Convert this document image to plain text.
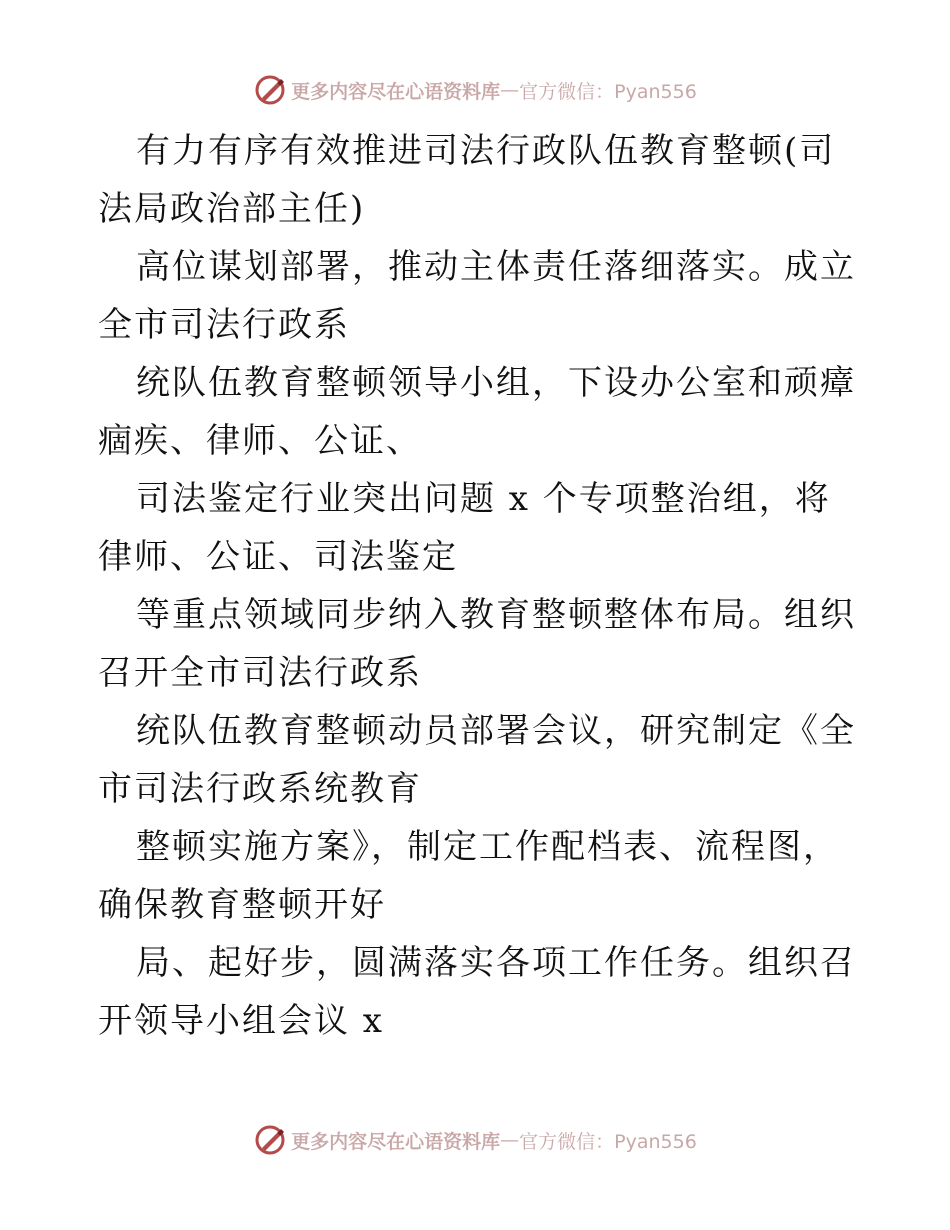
更多内容尽在心语资料库 — 官方微信：Pyan556

有力有序有效推进司法行政队伍教育整顿(司法局政治部主任)

高位谋划部署，推动主体责任落细落实。成立全市司法行政系

统队伍教育整顿领导小组，下设办公室和顽瘴痼疾、律师、公证、

司法鉴定行业突出问题 x 个专项整治组，将律师、公证、司法鉴定

等重点领域同步纳入教育整顿整体布局。组织召开全市司法行政系

统队伍教育整顿动员部署会议，研究制定《全市司法行政系统教育

整顿实施方案》，制定工作配档表、流程图，确保教育整顿开好

局、起好步，圆满落实各项工作任务。组织召开领导小组会议 x

更多内容尽在心语资料库 — 官方微信：Pyan556
